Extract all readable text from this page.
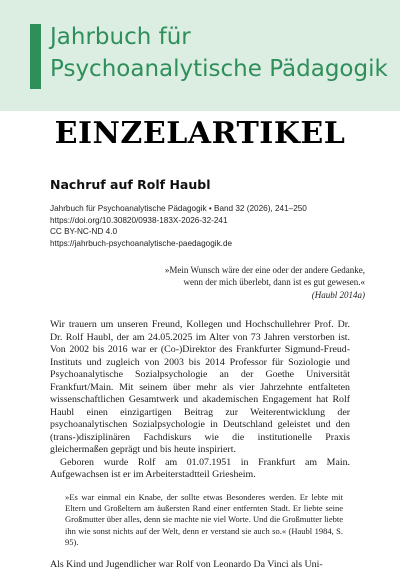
Jahrbuch für
Psychoanalytische Pädagogik
EINZELARTIKEL
Nachruf auf Rolf Haubl
Jahrbuch für Psychoanalytische Pädagogik • Band 32 (2026), 241–250
https://doi.org/10.30820/0938-183X-2026-32-241
CC BY-NC-ND 4.0
https://jahrbuch-psychoanalytische-paedagogik.de
»Mein Wunsch wäre der eine oder der andere Gedanke,
wenn der mich überlebt, dann ist es gut gewesen.«
(Haubl 2014a)

Wir trauern um unseren Freund, Kollegen und Hochschullehrer Prof. Dr. Dr. Rolf Haubl, der am 24.05.2025 im Alter von 73 Jahren verstorben ist. Von 2002 bis 2016 war er (Co-)Direktor des Frankfurter Sigmund-Freud-Instituts und zugleich von 2003 bis 2014 Professor für Soziologie und Psychoanalytische Sozialpsychologie an der Goethe Universität Frankfurt/Main. Mit seinem über mehr als vier Jahrzehnte entfalteten wissenschaftlichen Gesamtwerk und akademischen Engagement hat Rolf Haubl einen einzigartigen Beitrag zur Weiterentwicklung der psychoanalytischen Sozialpsychologie in Deutschland geleistet und den (trans-)disziplinären Fachdiskurs wie die institutionelle Praxis gleichermaßen geprägt und bis heute inspiriert.

Geboren wurde Rolf am 01.07.1951 in Frankfurt am Main. Aufgewachsen ist er im Arbeiterstadtteil Griesheim.

»Es war einmal ein Knabe, der sollte etwas Besonderes werden. Er lebte mit Eltern und Großeltern am äußersten Rand einer entfernten Stadt. Er liebte seine Großmutter über alles, denn sie machte nie viel Worte. Und die Großmutter liebte ihn wie sonst nichts auf der Welt, denn er verstand sie auch so.« (Haubl 1984, S. 95).

Als Kind und Jugendlicher war Rolf von Leonardo Da Vinci als Uni-
